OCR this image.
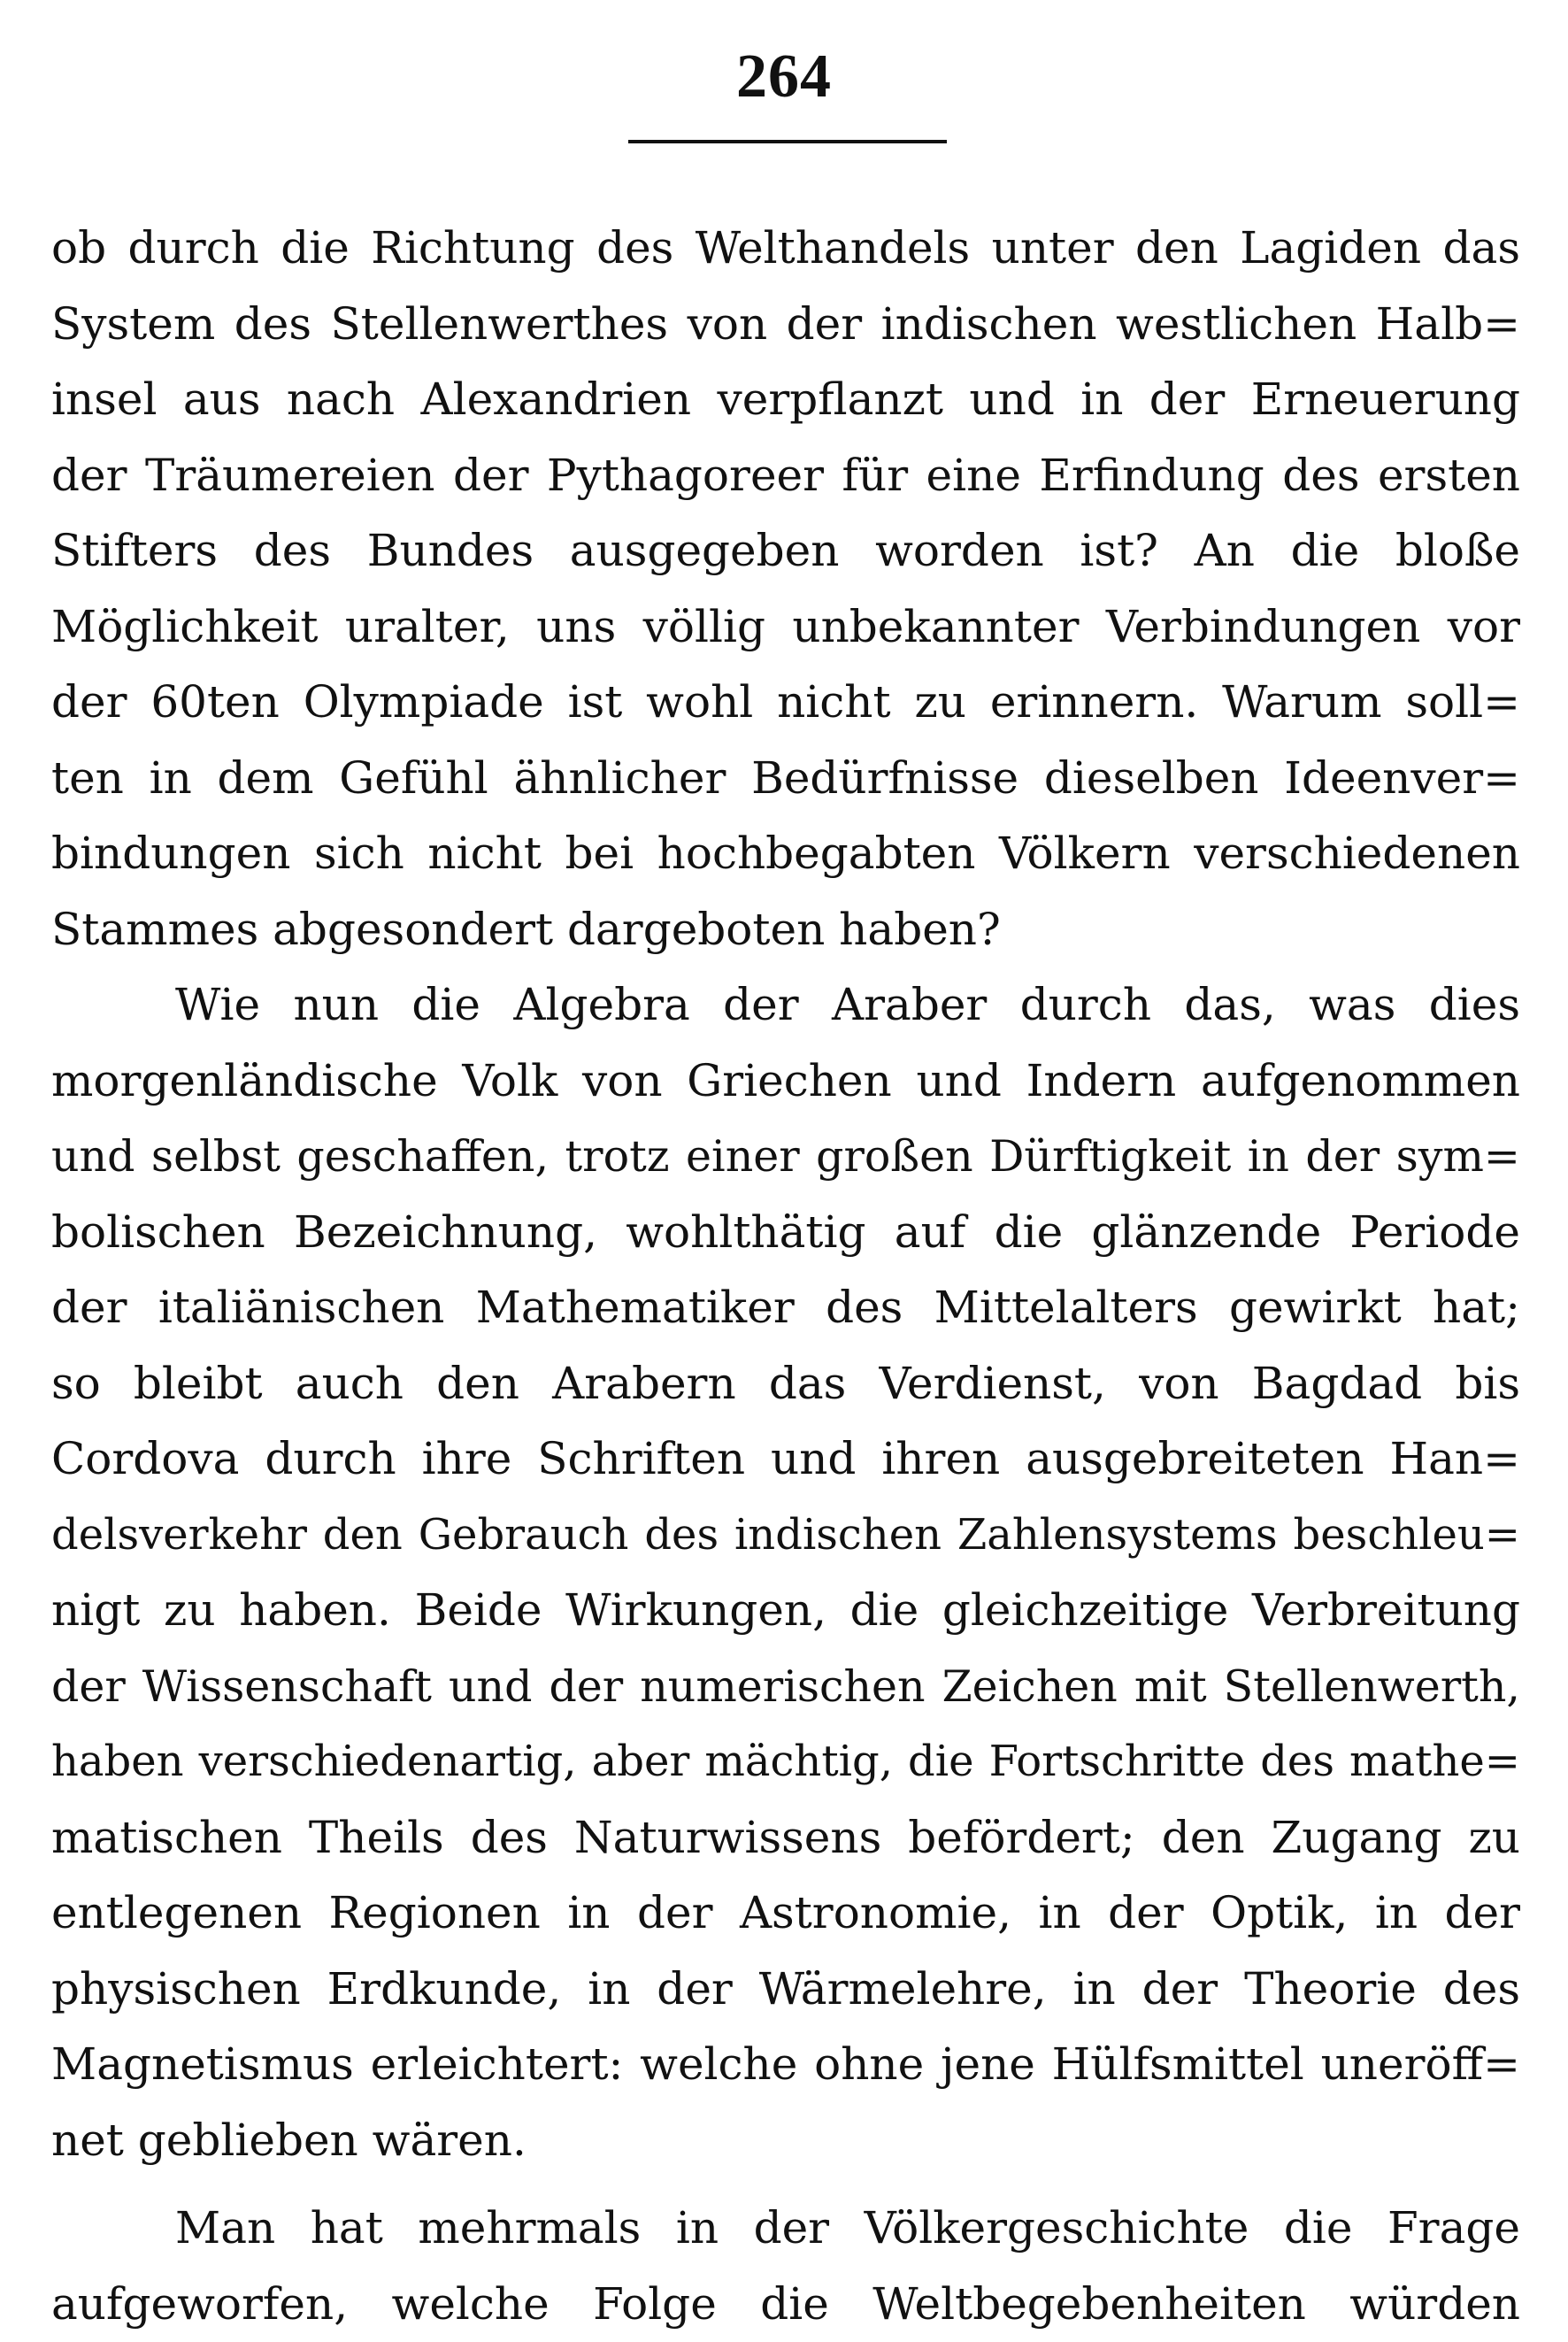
264
ob durch die Richtung des Welthandels unter den Lagiden das
System des Stellenwerthes von der indischen westlichen Halb=
insel aus nach Alexandrien verpflanzt und in der Erneuerung
der Träumereien der Pythagoreer für eine Erfindung des ersten
Stifters des Bundes ausgegeben worden ist? An die bloße
Möglichkeit uralter, uns völlig unbekannter Verbindungen vor
der 60ten Olympiade ist wohl nicht zu erinnern. Warum soll=
ten in dem Gefühl ähnlicher Bedürfnisse dieselben Ideenver=
bindungen sich nicht bei hochbegabten Völkern verschiedenen
Stammes abgesondert dargeboten haben?
Wie nun die Algebra der Araber durch das, was dies
morgenländische Volk von Griechen und Indern aufgenommen
und selbst geschaffen, trotz einer großen Dürftigkeit in der sym=
bolischen Bezeichnung, wohlthätig auf die glänzende Periode
der italiänischen Mathematiker des Mittelalters gewirkt hat;
so bleibt auch den Arabern das Verdienst, von Bagdad bis
Cordova durch ihre Schriften und ihren ausgebreiteten Han=
delsverkehr den Gebrauch des indischen Zahlensystems beschleu=
nigt zu haben. Beide Wirkungen, die gleichzeitige Verbreitung
der Wissenschaft und der numerischen Zeichen mit Stellenwerth,
haben verschiedenartig, aber mächtig, die Fortschritte des mathe=
matischen Theils des Naturwissens befördert; den Zugang zu
entlegenen Regionen in der Astronomie, in der Optik, in der
physischen Erdkunde, in der Wärmelehre, in der Theorie des
Magnetismus erleichtert: welche ohne jene Hülfsmittel uneröff=
net geblieben wären.
Man hat mehrmals in der Völkergeschichte die Frage
aufgeworfen, welche Folge die Weltbegebenheiten würden
